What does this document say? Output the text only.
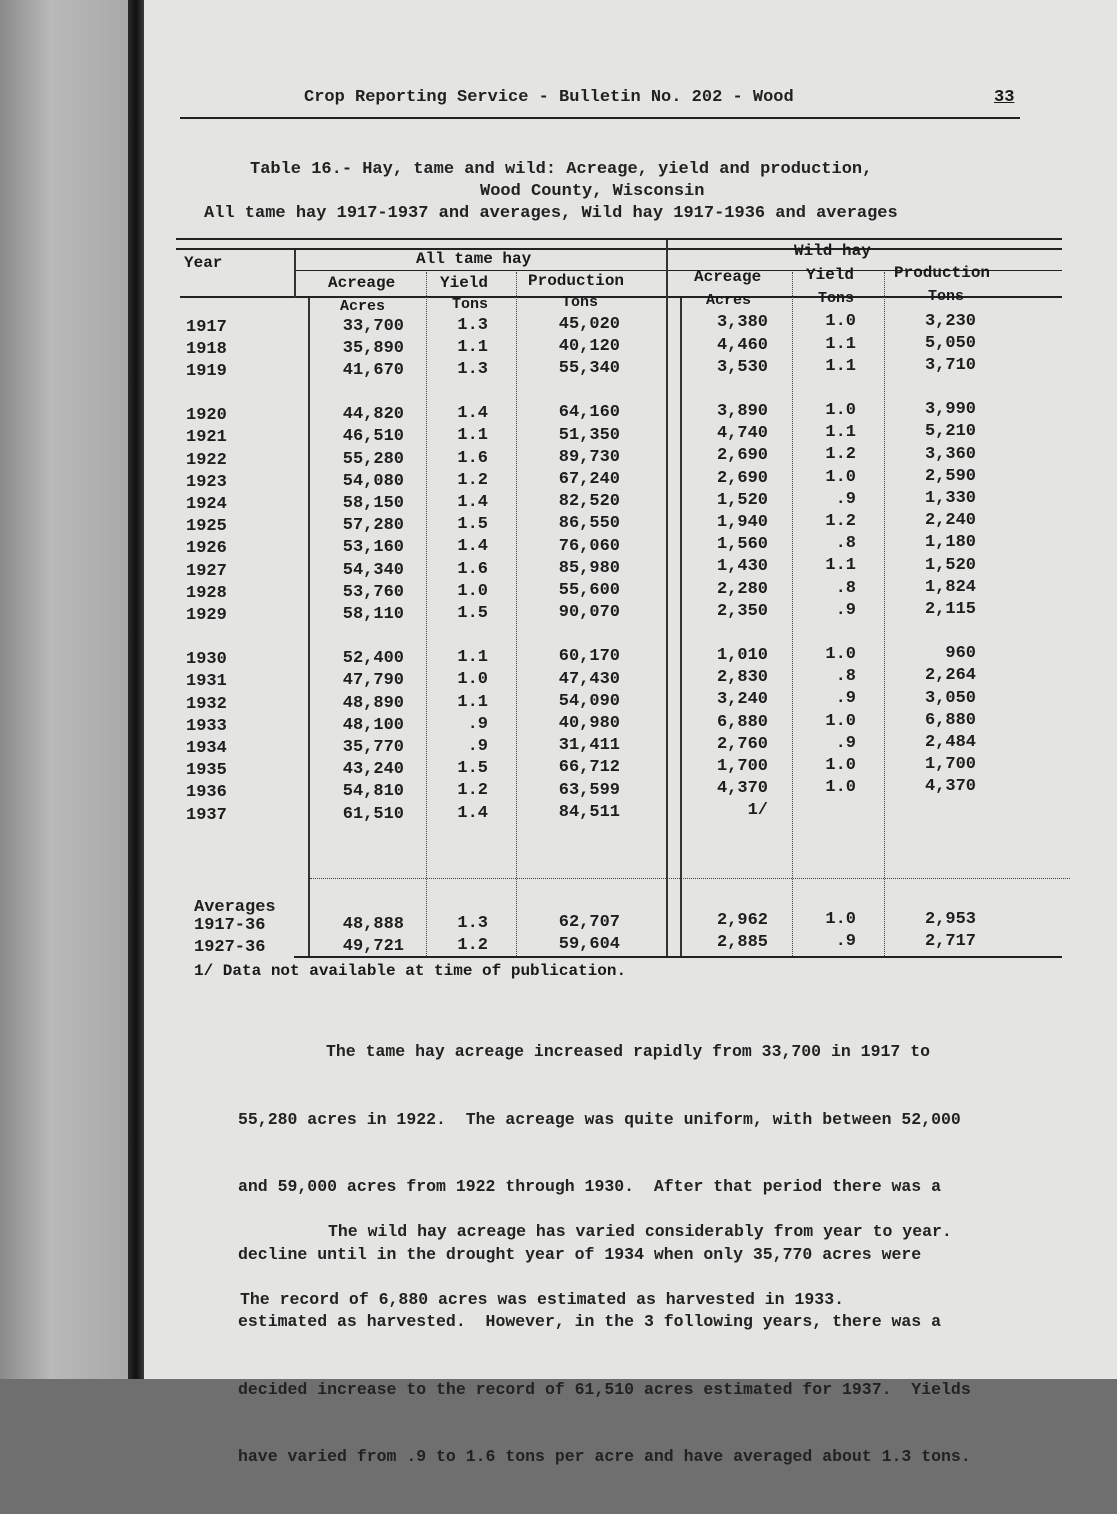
Crop Reporting Service - Bulletin No. 202 - Wood	33
Table 16.- Hay, tame and wild: Acreage, yield and production,
Wood County, Wisconsin
All tame hay 1917-1937 and averages, Wild hay 1917-1936 and averages
Year	All tame hay	Wild hay
Acreage	Yield Production	Acreage	Yield Production
Acres	Tons	Tons	Acres	Tons	Tons
1917	33,700	1.3	45,020	3,380	1.0	3,230
1918	35,890	1.1	40,120	4,460	1.1	5,050
1919	41,670	1.3	55,340	3,530	1.1	3,710
1920	44,820	1.4	64,160	3,890	1.0	3,990
1921	46,510	1.1	51,350	4,740	1.1	5,210
1922	55,280	1.6	89,730	2,690	1.2	3,360
1923	54,080	1.2	67,240	2,690	1.0	2,590
1924	58,150	1.4	82,520	1,520	.9	1,330
1925	57,280	1.5	86,550	1,940	1.2	2,240
1926	53,160	1.4	76,060	1,560	.8	1,180
1927	54,340	1.6	85,980	1,430	1.1	1,520
1928	53,760	1.0	55,600	2,280	.8	1,824
1929	58,110	1.5	90,070	2,350	.9	2,115
1930	52,400	1.1	60,170	1,010	1.0	960
1931	47,790	1.0	47,430	2,830	.8	2,264
1932	48,890	1.1	54,090	3,240	.9	3,050
1933	48,100	.9	40,980	6,880	1.0	6,880
1934	35,770	.9	31,411	2,760	.9	2,484
1935	43,240	1.5	66,712	1,700	1.0	1,700
1936	54,810	1.2	63,599	4,370	1.0	4,370
1937	61,510	1.4	84,511	1/
1917-36	48,888	1.3	62,707	2,962	1.0	2,953
1927-36	49,721	1.2	59,604	2,885	.9	2,717
Averages
1/ Data not available at time of publication.

The tame hay acreage increased rapidly from 33,700 in 1917 to

55,280 acres in 1922.  The acreage was quite uniform, with between 52,000

and 59,000 acres from 1922 through 1930.  After that period there was a

decline until in the drought year of 1934 when only 35,770 acres were

estimated as harvested.  However, in the 3 following years, there was a

decided increase to the record of 61,510 acres estimated for 1937.  Yields

have varied from .9 to 1.6 tons per acre and have averaged about 1.3 tons.

The wild hay acreage has varied considerably from year to year.

The record of 6,880 acres was estimated as harvested in 1933.
